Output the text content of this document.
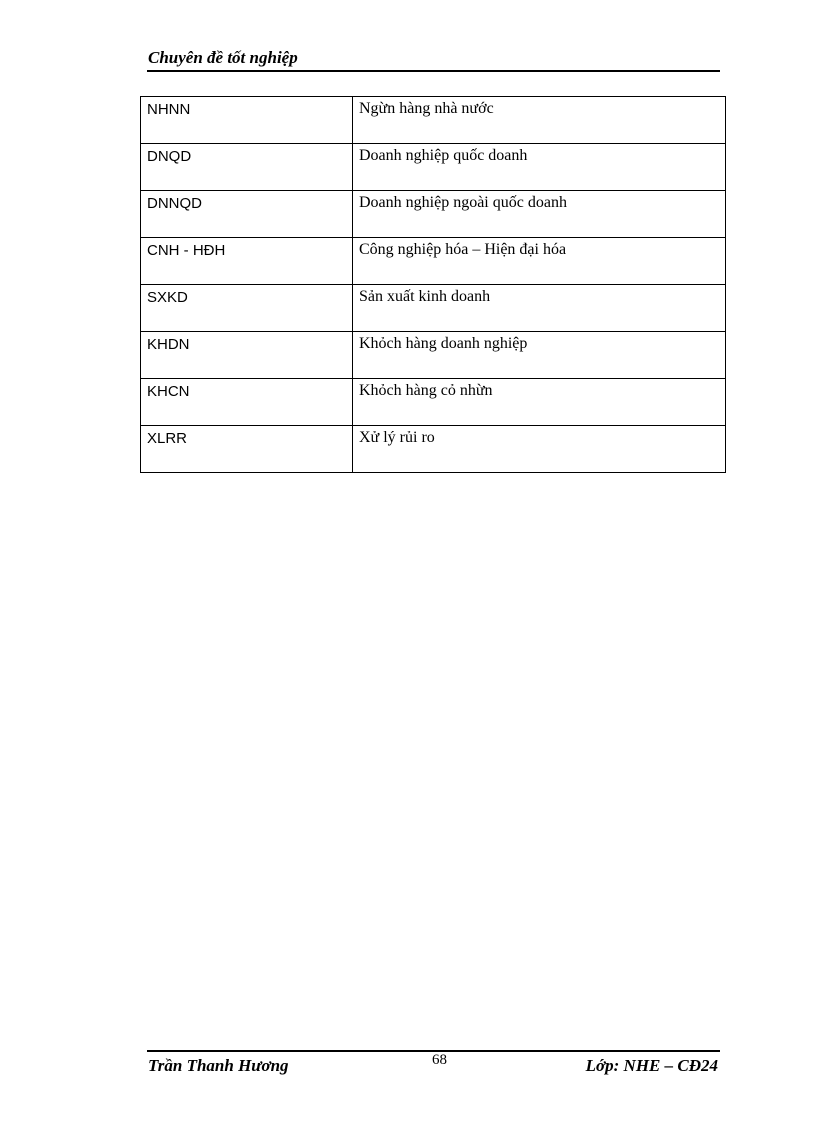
Chuyên đề tốt nghiệp
NHNN	Ngừn hàng nhà nước
DNQD	Doanh nghiệp quốc doanh
DNNQD	Doanh nghiệp ngoài quốc doanh
CNH - HĐH	Công nghiệp hóa – Hiện đại hóa
SXKD	Sản xuất kinh doanh
KHDN	Khỏch hàng doanh nghiệp
KHCN	Khỏch hàng cỏ nhừn
XLRR	Xử lý rủi ro
Trần Thanh Hương	68	Lớp: NHE – CĐ24
